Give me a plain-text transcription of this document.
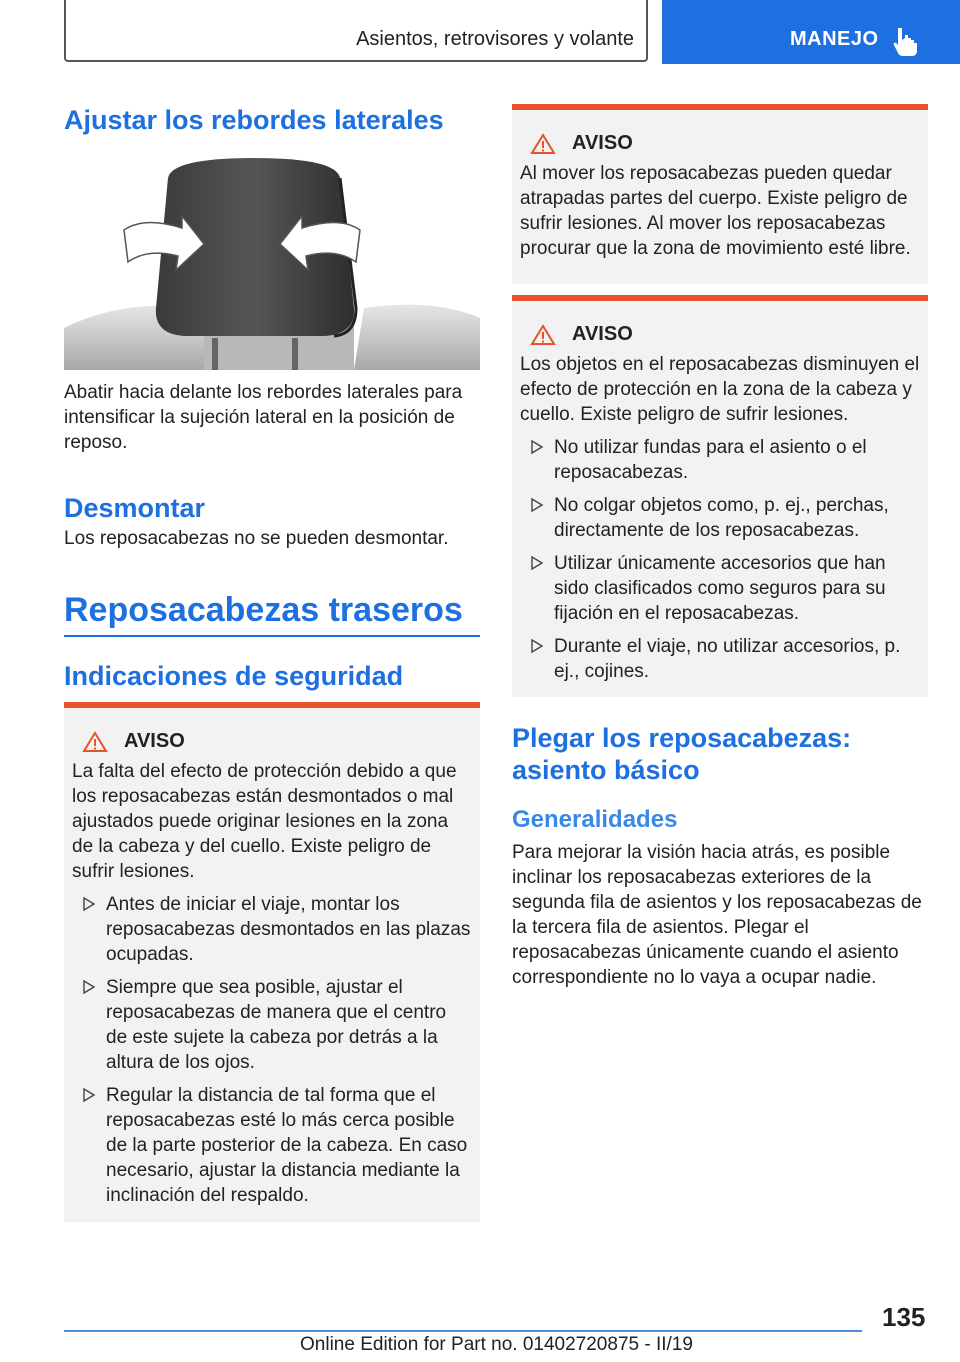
Asientos, retrovisores y volante	MANEJO
Ajustar los rebordes laterales

Abatir hacia delante los rebordes laterales para intensificar la sujeción lateral en la posición de reposo.

Desmontar

Los reposacabezas no se pueden desmontar.

Reposacabezas traseros
Indicaciones de seguridad
AVISO

La falta del efecto de protección debido a que los reposacabezas están desmontados o mal ajustados puede originar lesiones en la zona de la cabeza y del cuello. Existe peligro de sufrir lesiones.

Antes de iniciar el viaje, montar los reposacabezas desmontados en las plazas ocupadas.
Siempre que sea posible, ajustar el reposacabezas de manera que el centro de este sujete la cabeza por detrás a la altura de los ojos.
Regular la distancia de tal forma que el reposacabezas esté lo más cerca posible de la parte posterior de la cabeza. En caso necesario, ajustar la distancia mediante la inclinación del respaldo.
AVISO

Al mover los reposacabezas pueden quedar atrapadas partes del cuerpo. Existe peligro de sufrir lesiones. Al mover los reposacabezas procurar que la zona de movimiento esté libre.

AVISO

Los objetos en el reposacabezas disminuyen el efecto de protección en la zona de la cabeza y cuello. Existe peligro de sufrir lesiones.

No utilizar fundas para el asiento o el reposacabezas.
No colgar objetos como, p. ej., perchas, directamente de los reposacabezas.
Utilizar únicamente accesorios que han sido clasificados como seguros para su fijación en el reposacabezas.
Durante el viaje, no utilizar accesorios, p. ej., cojines.
Plegar los reposacabezas: asiento básico
Generalidades

Para mejorar la visión hacia atrás, es posible inclinar los reposacabezas exteriores de la segunda fila de asientos y los reposacabezas de la tercera fila de asientos. Plegar el reposacabezas únicamente cuando el asiento correspondiente no lo vaya a ocupar nadie.

135
Online Edition for Part no. 01402720875 - II/19
